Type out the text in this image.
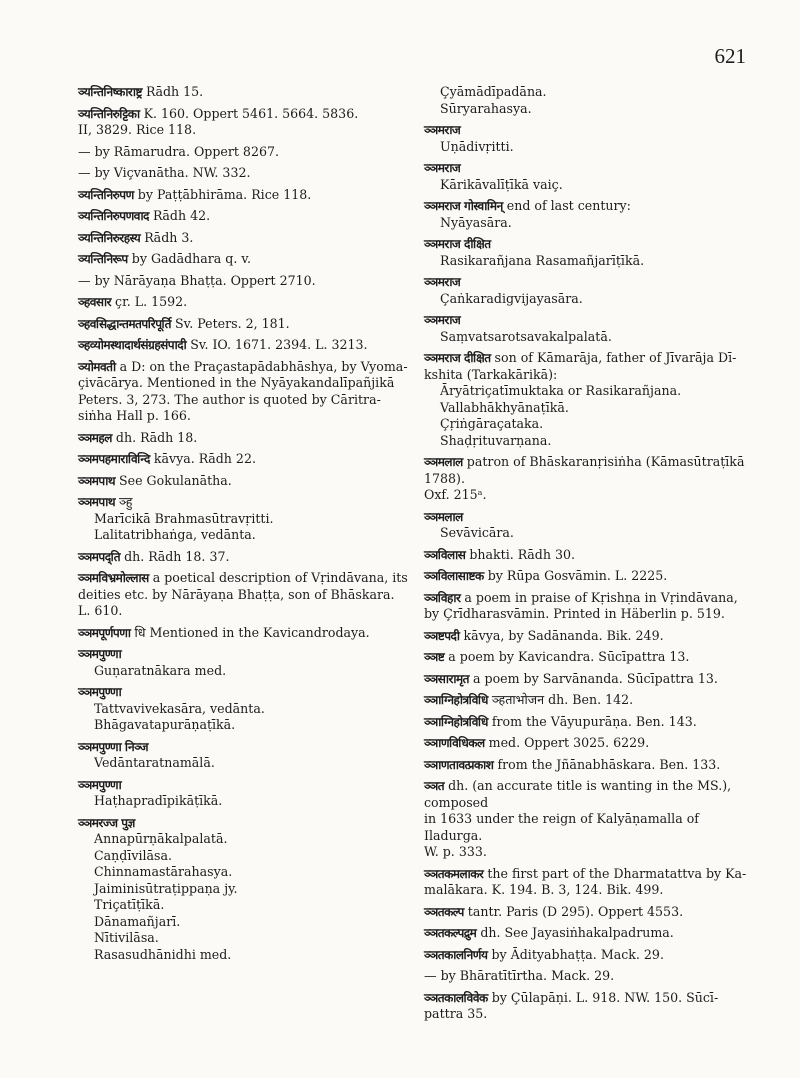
621
ञ्यन्तिनिष्काराष्ट्र Rādh 15.
ञ्यन्तिनिरुट्टिका K. 160. Oppert 5461. 5664. 5836.
II, 3829. Rice 118.
— by Rāmarudra. Oppert 8267.
— by Viçvanātha. NW. 332.
ञ्यन्तिनिरुपण by Paṭṭābhirāma. Rice 118.
ञ्यन्तिनिरुपणवाद Rādh 42.
ञ्यन्तिनिरुरहस्य Rādh 3.
ञ्यन्तिनिरूप by Gadādhara q. v.
— by Nārāyaṇa Bhaṭṭa. Oppert 2710.
ञ्हवसार çr. L. 1592.
ञ्हवसिद्धान्तमतपरिपूर्ति Sv. Peters. 2, 181.
ञ्हव्योमस्थादार्थसंग्रहसंपादी Sv. IO. 1671. 2394. L. 3213.
ञ्योमवती a D: on the Praçastapādabhāshya, by Vyoma-
çivācārya. Mentioned in the Nyāyakandalīpañjikā
Peters. 3, 273. The author is quoted by Cāritra-
siṅha Hall p. 166.
ञ्ञमहल dh. Rādh 18.
ञ्ञमपहमाराविन्दि kāvya. Rādh 22.
ञ्ञमपाथ See Gokulanātha.
ञ्ञमपाथ ञ्हु
Marīcikā Brahmasūtravṛitti.
Lalitatribhaṅga, vedānta.
ञ्ञमपद्ति dh. Rādh 18. 37.
ञ्ञमविभ्रमोल्लास a poetical description of Vṛindāvana, its
deities etc. by Nārāyaṇa Bhaṭṭa, son of Bhāskara.
L. 610.
ञ्ञमपूर्णपणा धि Mentioned in the Kavicandrodaya.
ञ्ञमपुण्णा
Guṇaratnākara med.
ञ्ञमपुण्णा
Tattvavivekasāra, vedānta.
Bhāgavatapurāṇaṭīkā.
ञ्ञमपुण्णा निञ्ज
Vedāntaratnamālā.
ञ्ञमपुण्णा
Haṭhapradīpikāṭīkā.
ञ्ञमरज्ज पुज्ञ
Annapūrṇākalpalatā.
Caṇḍīvilāsa.
Chinnamastārahasya.
Jaiminisūtraṭippaṇa jy.
Triçatīṭīkā.
Dānamañjarī.
Nītivilāsa.
Rasasudhānidhi med.
Çyāmādīpadāna.
Sūryarahasya.
ञ्ञमराज
Uṇādivṛitti.
ञ्ञमराज
Kārikāvalīṭīkā vaiç.
ञ्ञमराज गोस्वामिन् end of last century:
Nyāyasāra.
ञ्ञमराज दीक्षित
Rasikarañjana Rasamañjarīṭīkā.
ञ्ञमराज
Çaṅkaradigvijayasāra.
ञ्ञमराज
Saṃvatsarotsavakalpalatā.
ञ्ञमराज दीक्षित son of Kāmarāja, father of Jīvarāja Dī-
kshita (Tarkakārikā):
Āryātriçatīmuktaka or Rasikarañjana.
Vallabhākhyānaṭīkā.
Çṛiṅgāraçataka.
Shaḍṛituvarṇana.
ञ्ञमलाल patron of Bhāskaranṛisiṅha (Kāmasūtraṭīkā 1788).
Oxf. 215ᵃ.
ञ्ञमलाल
Sevāvicāra.
ञ्ञविलास bhakti. Rādh 30.
ञ्ञविलासाष्टक by Rūpa Gosvāmin. L. 2225.
ञ्ञविहार a poem in praise of Kṛishṇa in Vṛindāvana,
by Çrīdharasvāmin. Printed in Häberlin p. 519.
ञ्ञष्टपदी kāvya, by Sadānanda. Bik. 249.
ञ्ञष्ट a poem by Kavicandra. Sūcīpattra 13.
ञ्ञसारामृत a poem by Sarvānanda. Sūcīpattra 13.
ञ्ञाग्निहोत्रविधि ञ्हताभोजन dh. Ben. 142.
ञ्ञाग्निहोत्रविधि from the Vāyupurāṇa. Ben. 143.
ञ्ञाणविधिकल med. Oppert 3025. 6229.
ञ्ञाणतावत्प्रकाश from the Jñānabhāskara. Ben. 133.
ञ्ञत dh. (an accurate title is wanting in the MS.), composed
in 1633 under the reign of Kalyāṇamalla of Iladurga.
W. p. 333.
ञ्ञतकमलाकर the first part of the Dharmatattva by Ka-
malākara. K. 194. B. 3, 124. Bik. 499.
ञ्ञतकल्प tantr. Paris (D 295). Oppert 4553.
ञ्ञतकल्पद्रुम dh. See Jayasiṅhakalpadruma.
ञ्ञतकालनिर्णय by Ādityabhaṭṭa. Mack. 29.
— by Bhāratītīrtha. Mack. 29.
ञ्ञतकालविवेक by Çūlapāṇi. L. 918. NW. 150. Sūcī-
pattra 35.
